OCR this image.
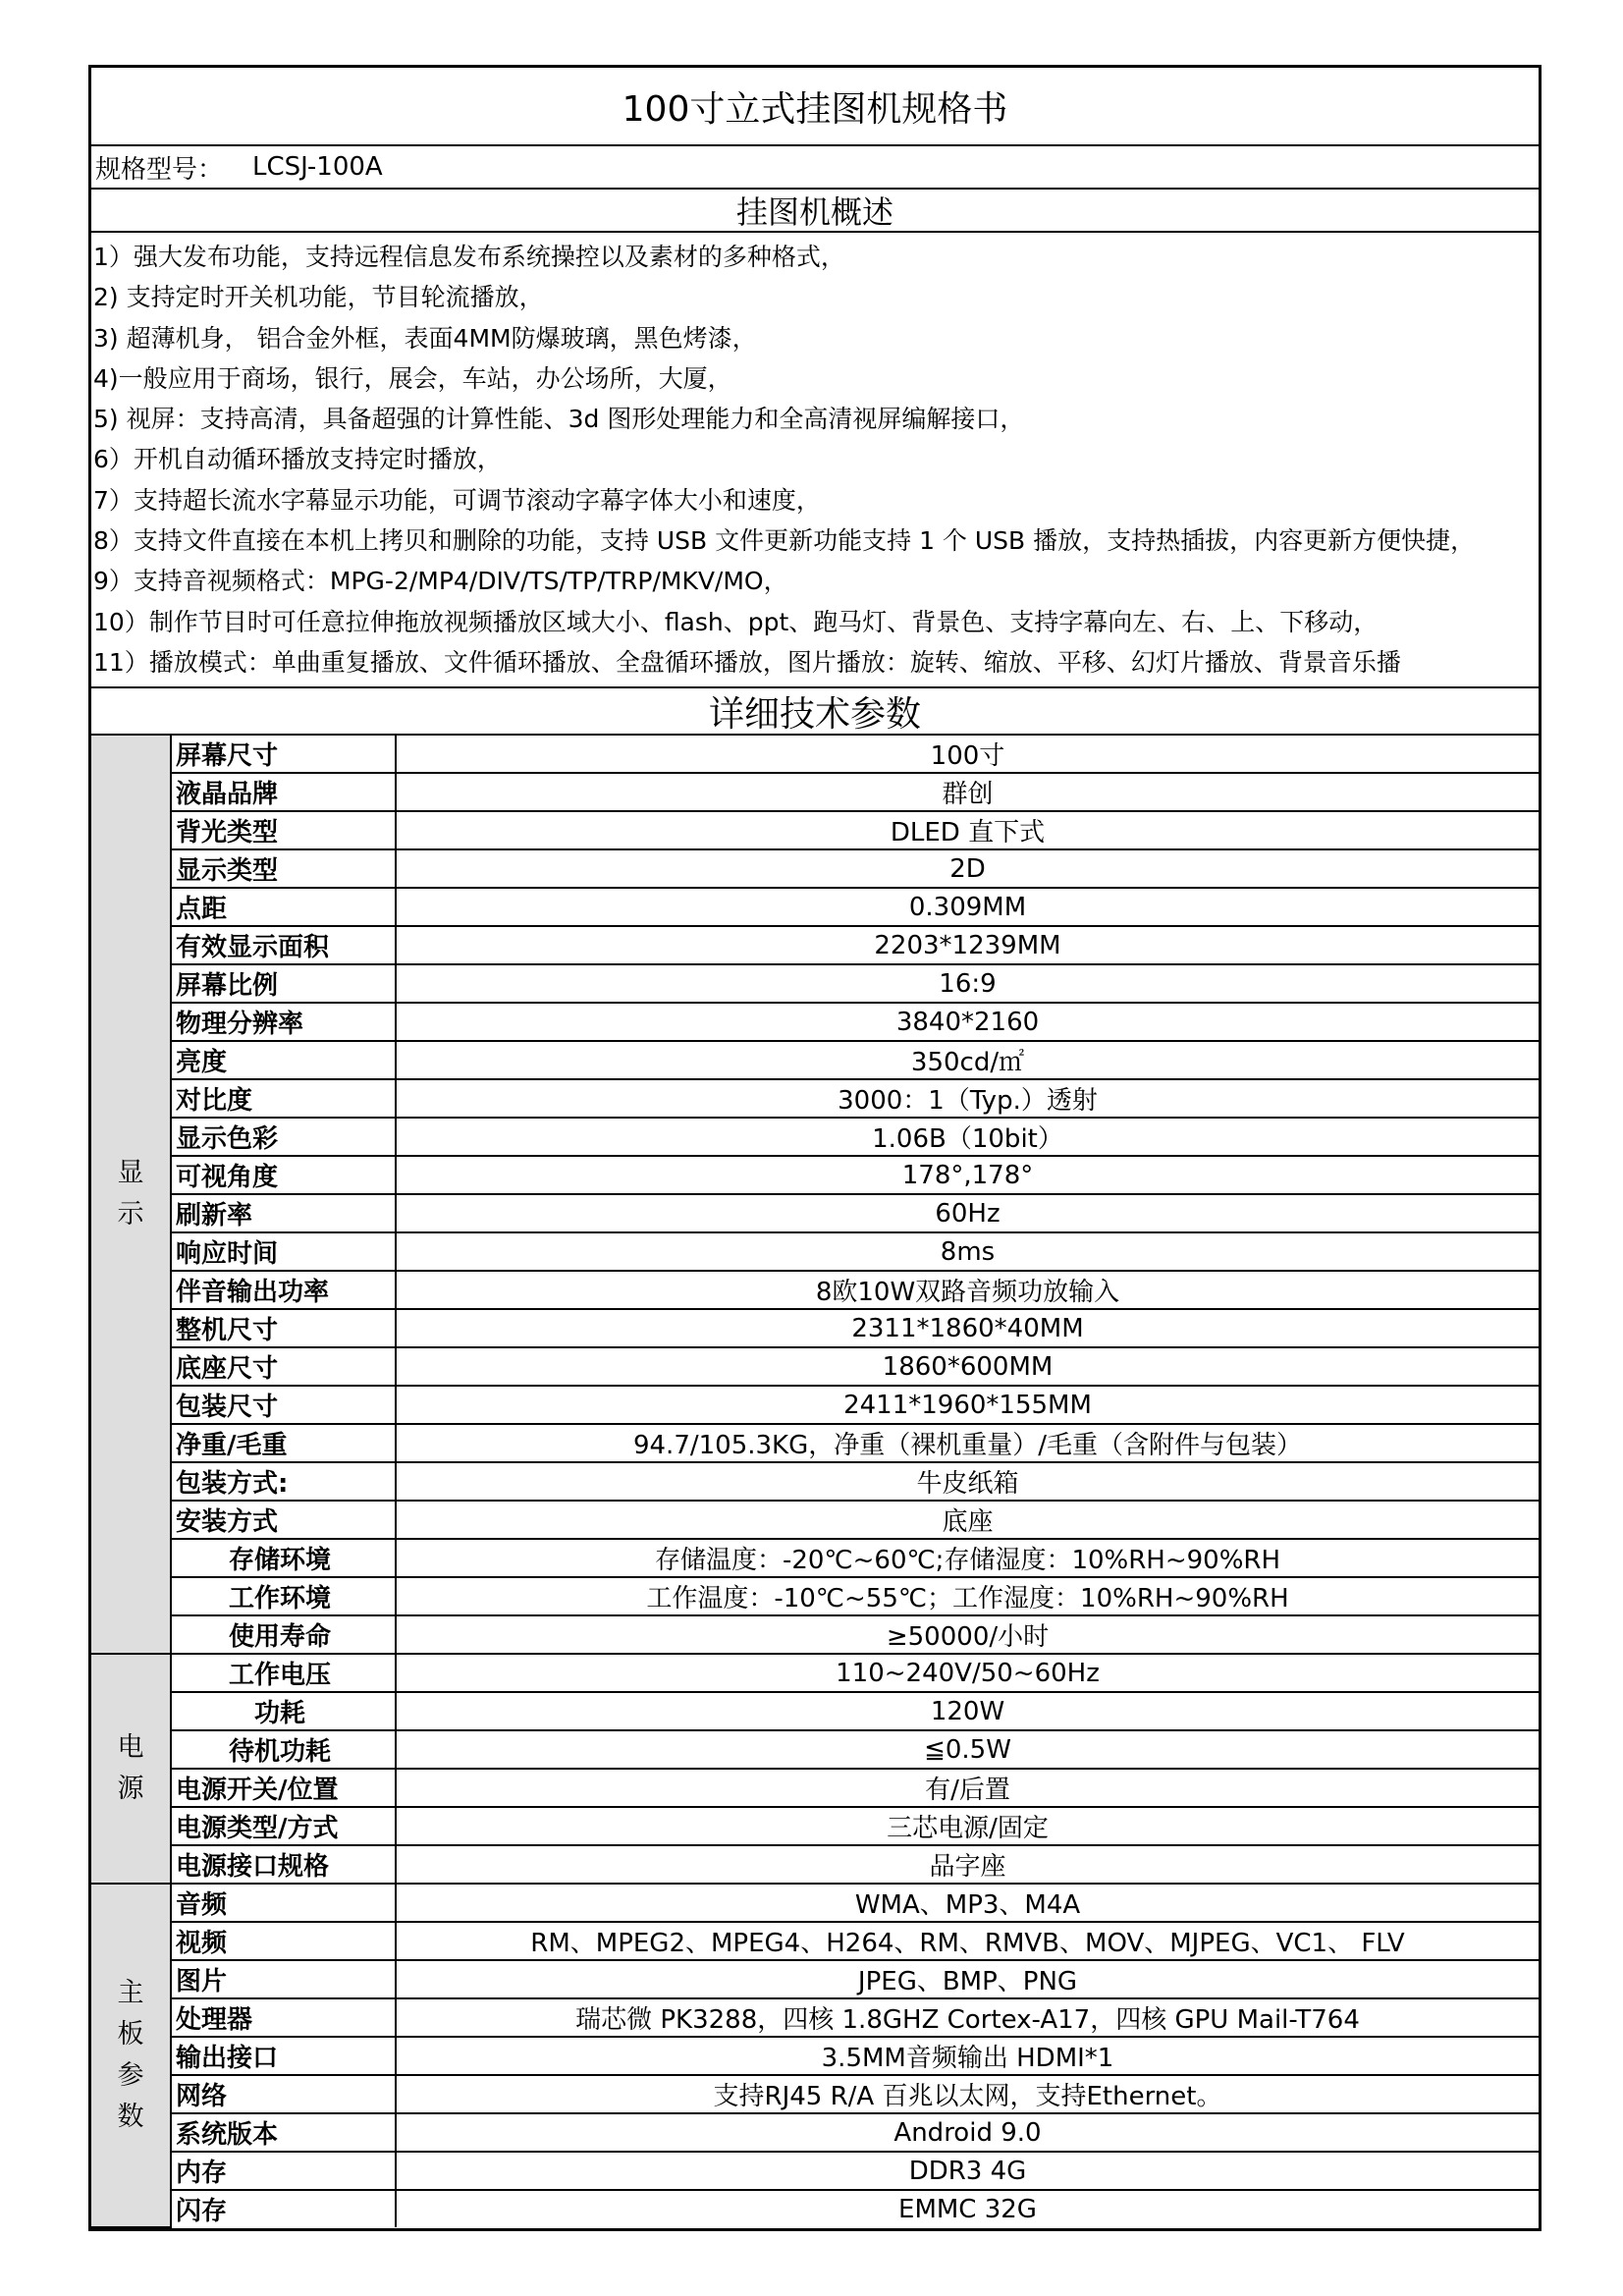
100寸立式挂图机规格书
规格型号： LCSJ-100A
挂图机概述
1）强大发布功能，支持远程信息发布系统操控以及素材的多种格式，
2) 支持定时开关机功能，节目轮流播放，
3) 超薄机身， 铝合金外框，表面4MM防爆玻璃，黑色烤漆，
4)一般应用于商场，银行，展会，车站，办公场所，大厦，
5) 视屏：支持高清，具备超强的计算性能、3d 图形处理能力和全高清视屏编解接口，
6）开机自动循环播放支持定时播放，
7）支持超长流水字幕显示功能，可调节滚动字幕字体大小和速度，
8）支持文件直接在本机上拷贝和删除的功能，支持 USB 文件更新功能支持 1 个 USB 播放，支持热插拔，内容更新方便快捷，
9）支持音视频格式：MPG-2/MP4/DIV/TS/TP/TRP/MKV/MO，
10）制作节目时可任意拉伸拖放视频播放区域大小、flash、ppt、跑马灯、背景色、支持字幕向左、右、上、下移动，
11）播放模式：单曲重复播放、文件循环播放、全盘循环播放，图片播放：旋转、缩放、平移、幻灯片播放、背景音乐播
详细技术参数
显示	屏幕尺寸	100寸
	液晶品牌	群创
	背光类型	DLED 直下式
	显示类型	2D
	点距	0.309MM
	有效显示面积	2203*1239MM
	屏幕比例	16:9
	物理分辨率	3840*2160
	亮度	350cd/㎡
	对比度	3000：1（Typ.）透射
	显示色彩	1.06B（10bit）
	可视角度	178°,178°
	刷新率	60Hz
	响应时间	8ms
	伴音输出功率	8欧10W双路音频功放输入
	整机尺寸	2311*1860*40MM
	底座尺寸	1860*600MM
	包装尺寸	2411*1960*155MM
	净重/毛重	94.7/105.3KG，净重（裸机重量）/毛重（含附件与包装）
	包装方式:	牛皮纸箱
	安装方式	底座
	存储环境	存储温度：-20℃~60℃;存储湿度：10%RH~90%RH
	工作环境	工作温度：-10℃~55℃；工作湿度：10%RH~90%RH
	使用寿命	≥50000/小时
电源	工作电压	110~240V/50~60Hz
	功耗	120W
	待机功耗	≦0.5W
	电源开关/位置	有/后置
	电源类型/方式	三芯电源/固定
	电源接口规格	品字座
主板参数	音频	WMA、MP3、M4A
	视频	RM、MPEG2、MPEG4、H264、RM、RMVB、MOV、MJPEG、VC1、 FLV
	图片	JPEG、BMP、PNG
	处理器	瑞芯微 PK3288，四核 1.8GHZ Cortex-A17，四核 GPU Mail-T764
	输出接口	3.5MM音频输出 HDMI*1
	网络	支持RJ45 R/A 百兆以太网，支持Ethernet。
	系统版本	Android 9.0
	内存	DDR3 4G
	闪存	EMMC 32G
